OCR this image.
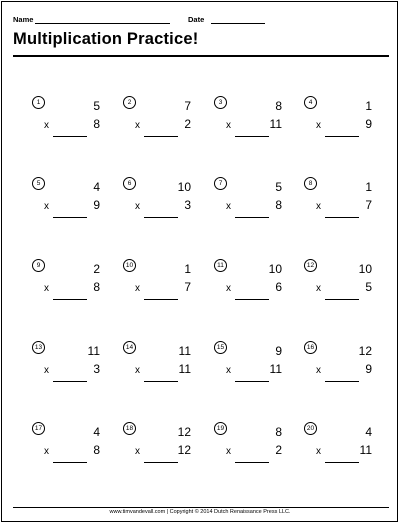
Name	Date
Multiplication Practice!
1	5
x	8
2	7
x	2
3	8
x	11
4	1
x	9
5	4
x	9
6	10
x	3
7	5
x	8
8	1
x	7
9	2
x	8
10	1
x	7
11	10
x	6
12	10
x	5
13	11
x	3
14	11
x	11
15	9
x	11
16	12
x	9
17	4
x	8
18	12
x	12
19	8
x	2
20	4
x	11
www.timvandevall.com | Copyright © 2014 Dutch Renaissance Press LLC.
